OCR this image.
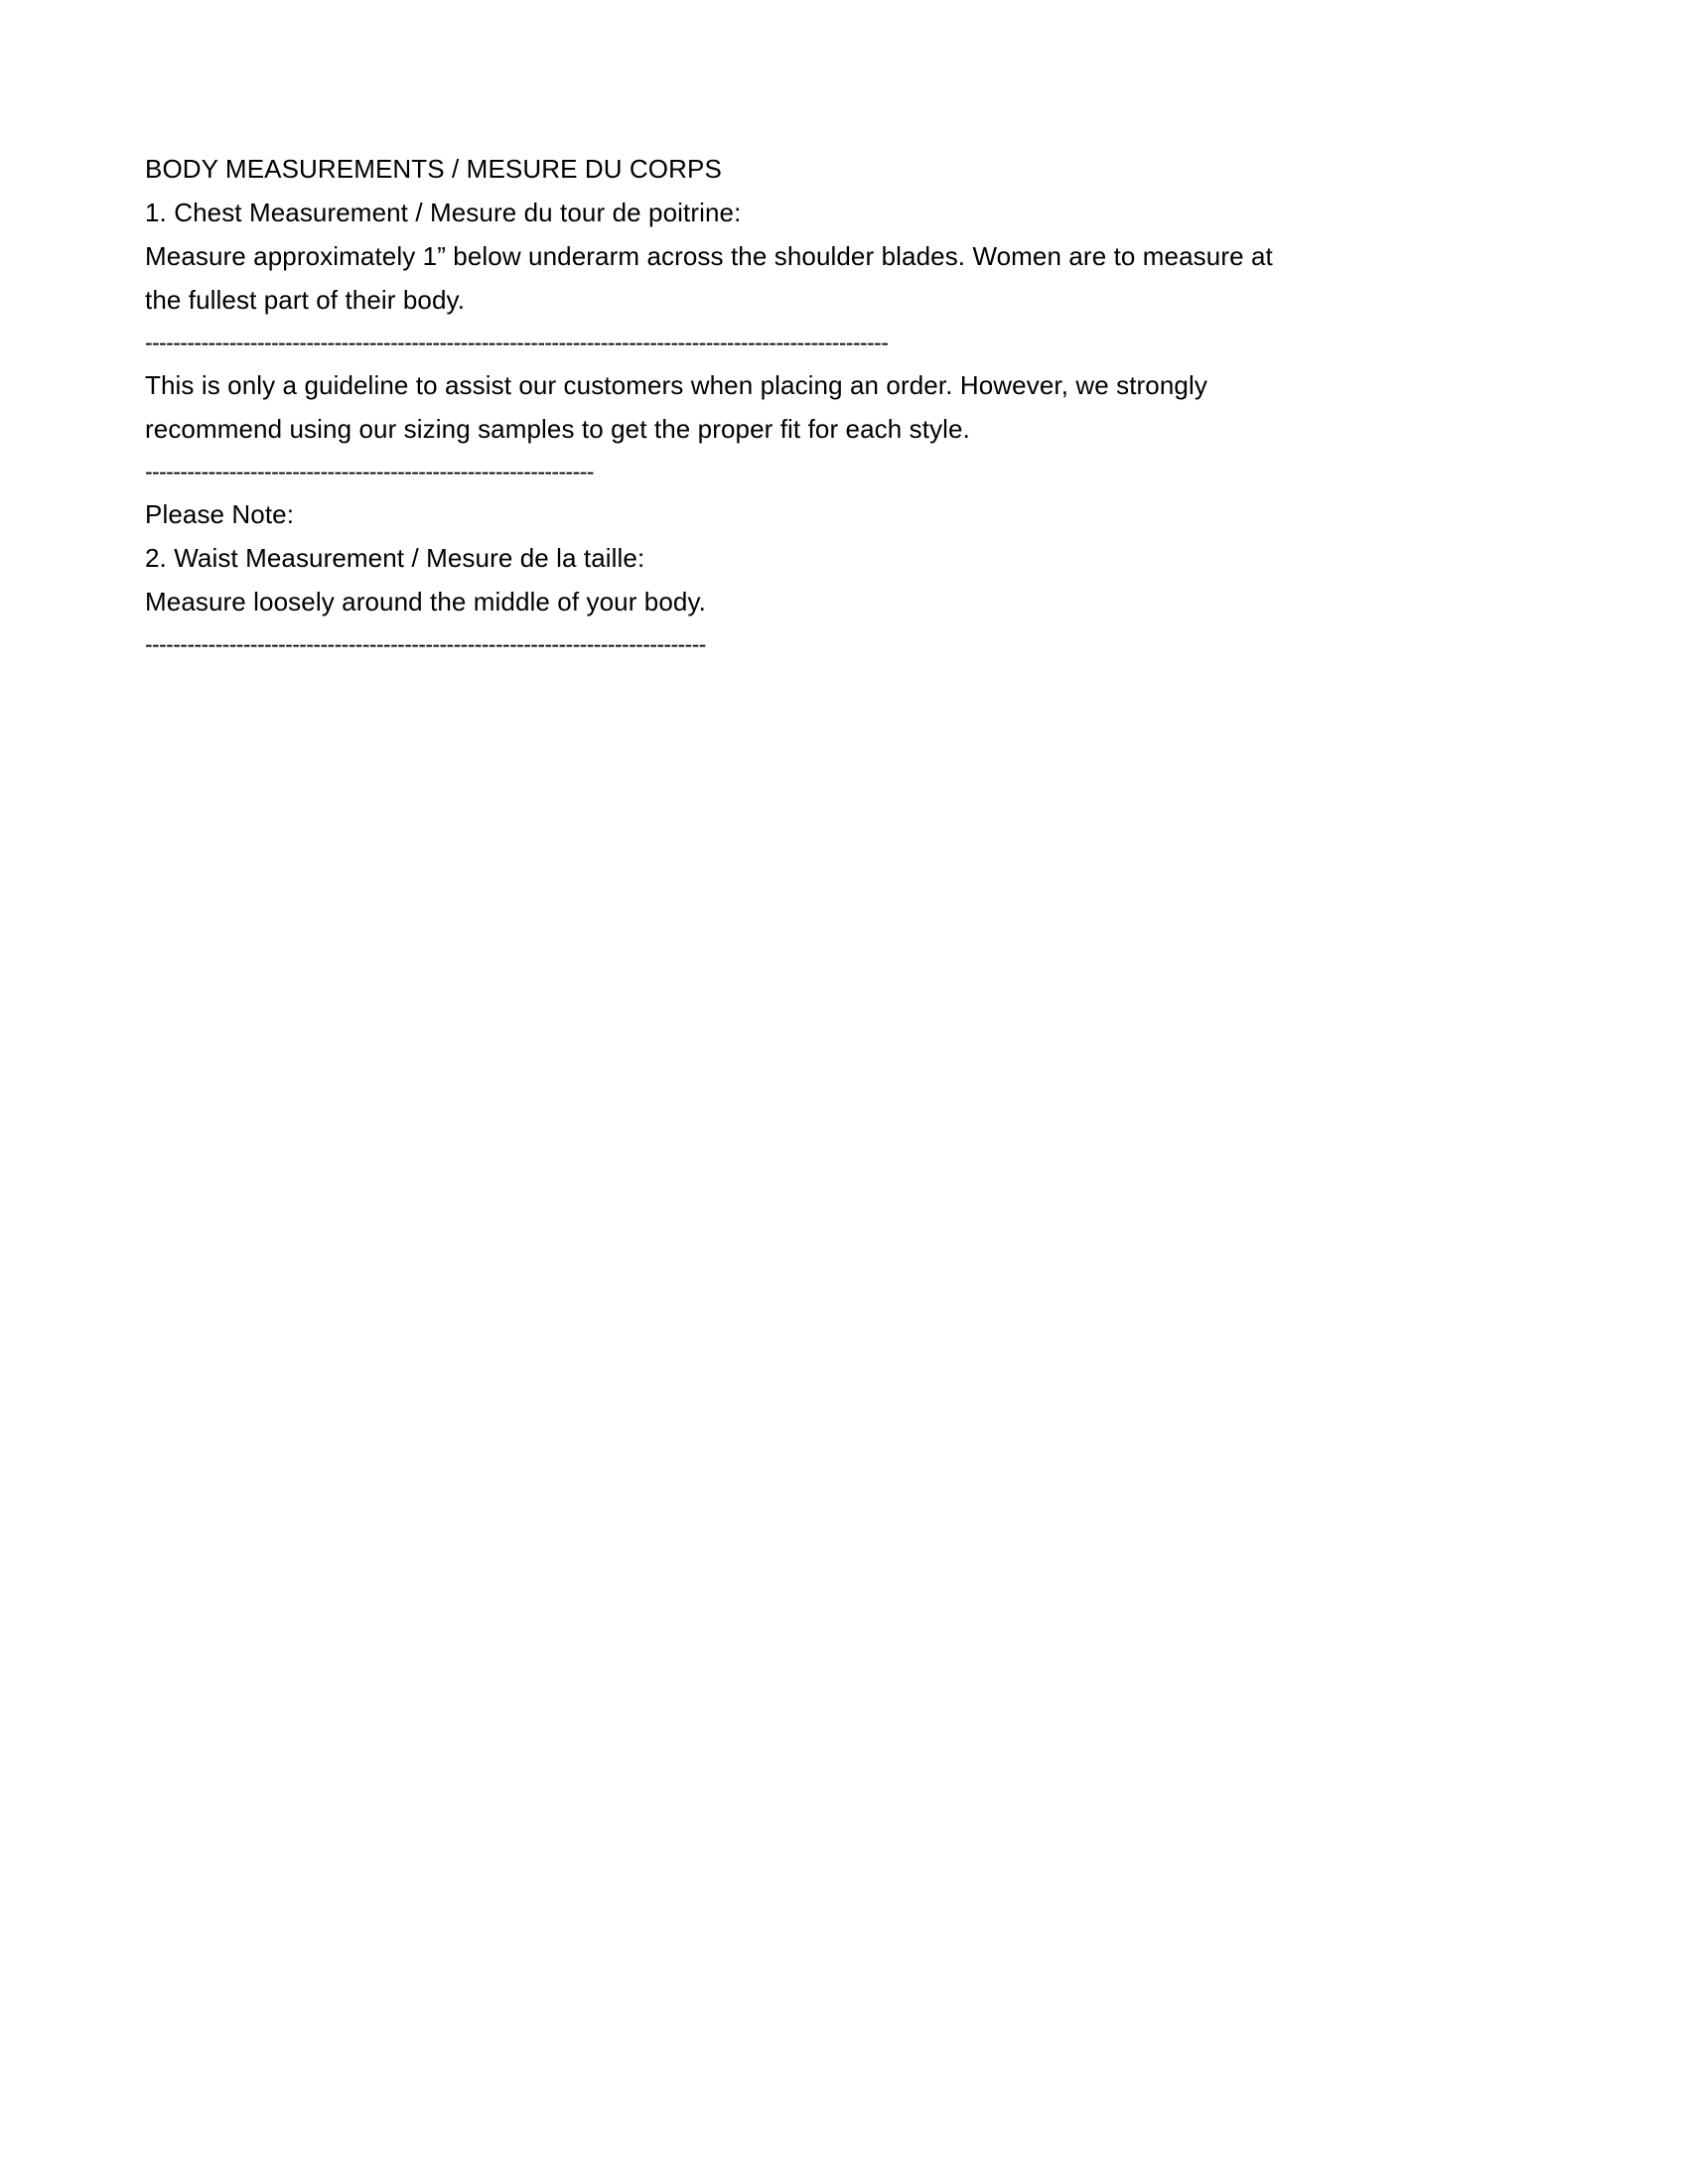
BODY MEASUREMENTS / MESURE DU CORPS
1. Chest Measurement / Mesure du tour de poitrine:
Measure approximately 1” below underarm across the shoulder blades. Women are to measure at the fullest part of their body.
----------------------------------------------------------------------------------------------------------
This is only a guideline to assist our customers when placing an order. However, we strongly recommend using our sizing samples to get the proper fit for each style.
----------------------------------------------------------------
Please Note:
2. Waist Measurement / Mesure de la taille:
Measure loosely around the middle of your body.
--------------------------------------------------------------------------------
